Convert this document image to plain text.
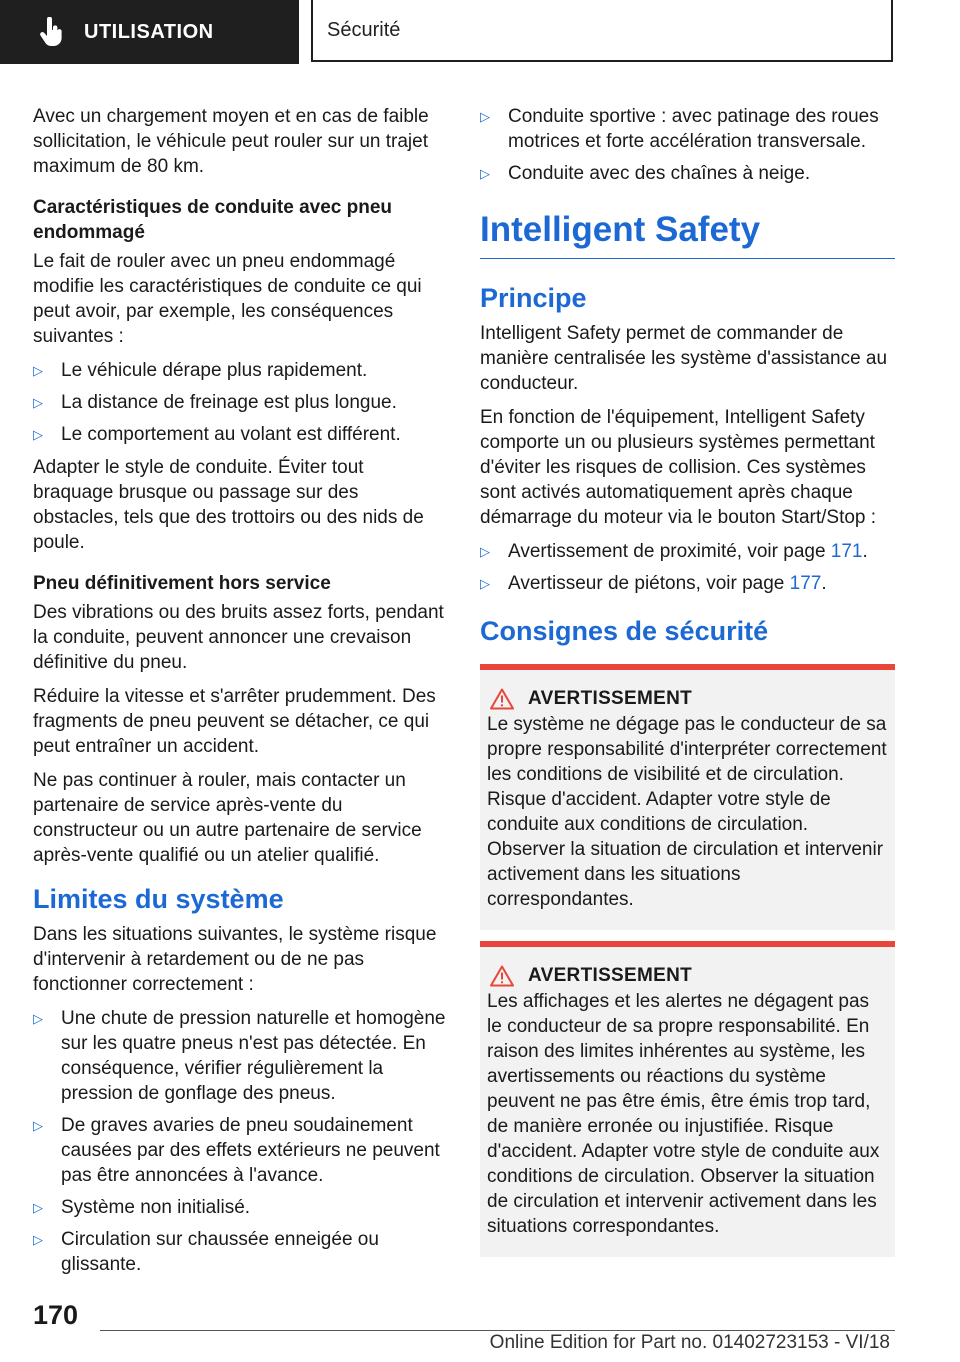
UTILISATION	Sécurité

Avec un chargement moyen et en cas de faible sollicitation, le véhicule peut rouler sur un trajet maximum de 80 km.

Caractéristiques de conduite avec pneu endommagé

Le fait de rouler avec un pneu endommagé modifie les caractéristiques de conduite ce qui peut avoir, par exemple, les conséquences suivantes :

▷ Le véhicule dérape plus rapidement.
▷ La distance de freinage est plus longue.
▷ Le comportement au volant est différent.

Adapter le style de conduite. Éviter tout braquage brusque ou passage sur des obstacles, tels que des trottoirs ou des nids de poule.

Pneu définitivement hors service

Des vibrations ou des bruits assez forts, pendant la conduite, peuvent annoncer une crevaison définitive du pneu.

Réduire la vitesse et s'arrêter prudemment. Des fragments de pneu peuvent se détacher, ce qui peut entraîner un accident.

Ne pas continuer à rouler, mais contacter un partenaire de service après-vente du constructeur ou un autre partenaire de service après-vente qualifié ou un atelier qualifié.

Limites du système

Dans les situations suivantes, le système risque d'intervenir à retardement ou de ne pas fonctionner correctement :

▷ Une chute de pression naturelle et homogène sur les quatre pneus n'est pas détectée. En conséquence, vérifier régulièrement la pression de gonflage des pneus.
▷ De graves avaries de pneu soudainement causées par des effets extérieurs ne peuvent pas être annoncées à l'avance.
▷ Système non initialisé.
▷ Circulation sur chaussée enneigée ou glissante.
▷ Conduite sportive : avec patinage des roues motrices et forte accélération transversale.
▷ Conduite avec des chaînes à neige.
Intelligent Safety
Principe

Intelligent Safety permet de commander de manière centralisée les système d'assistance au conducteur.

En fonction de l'équipement, Intelligent Safety comporte un ou plusieurs systèmes permettant d'éviter les risques de collision. Ces systèmes sont activés automatiquement après chaque démarrage du moteur via le bouton Start/Stop :

▷ Avertissement de proximité, voir page 171.
▷ Avertisseur de piétons, voir page 177.
Consignes de sécurité
AVERTISSEMENT

Le système ne dégage pas le conducteur de sa propre responsabilité d'interpréter correctement les conditions de visibilité et de circulation. Risque d'accident. Adapter votre style de conduite aux conditions de circulation. Observer la situation de circulation et intervenir activement dans les situations correspondantes.

AVERTISSEMENT

Les affichages et les alertes ne dégagent pas le conducteur de sa propre responsabilité. En raison des limites inhérentes au système, les avertissements ou réactions du système peuvent ne pas être émis, être émis trop tard, de manière erronée ou injustifiée. Risque d'accident. Adapter votre style de conduite aux conditions de circulation. Observer la situation de circulation et intervenir activement dans les situations correspondantes.

170
Online Edition for Part no. 01402723153 - VI/18
